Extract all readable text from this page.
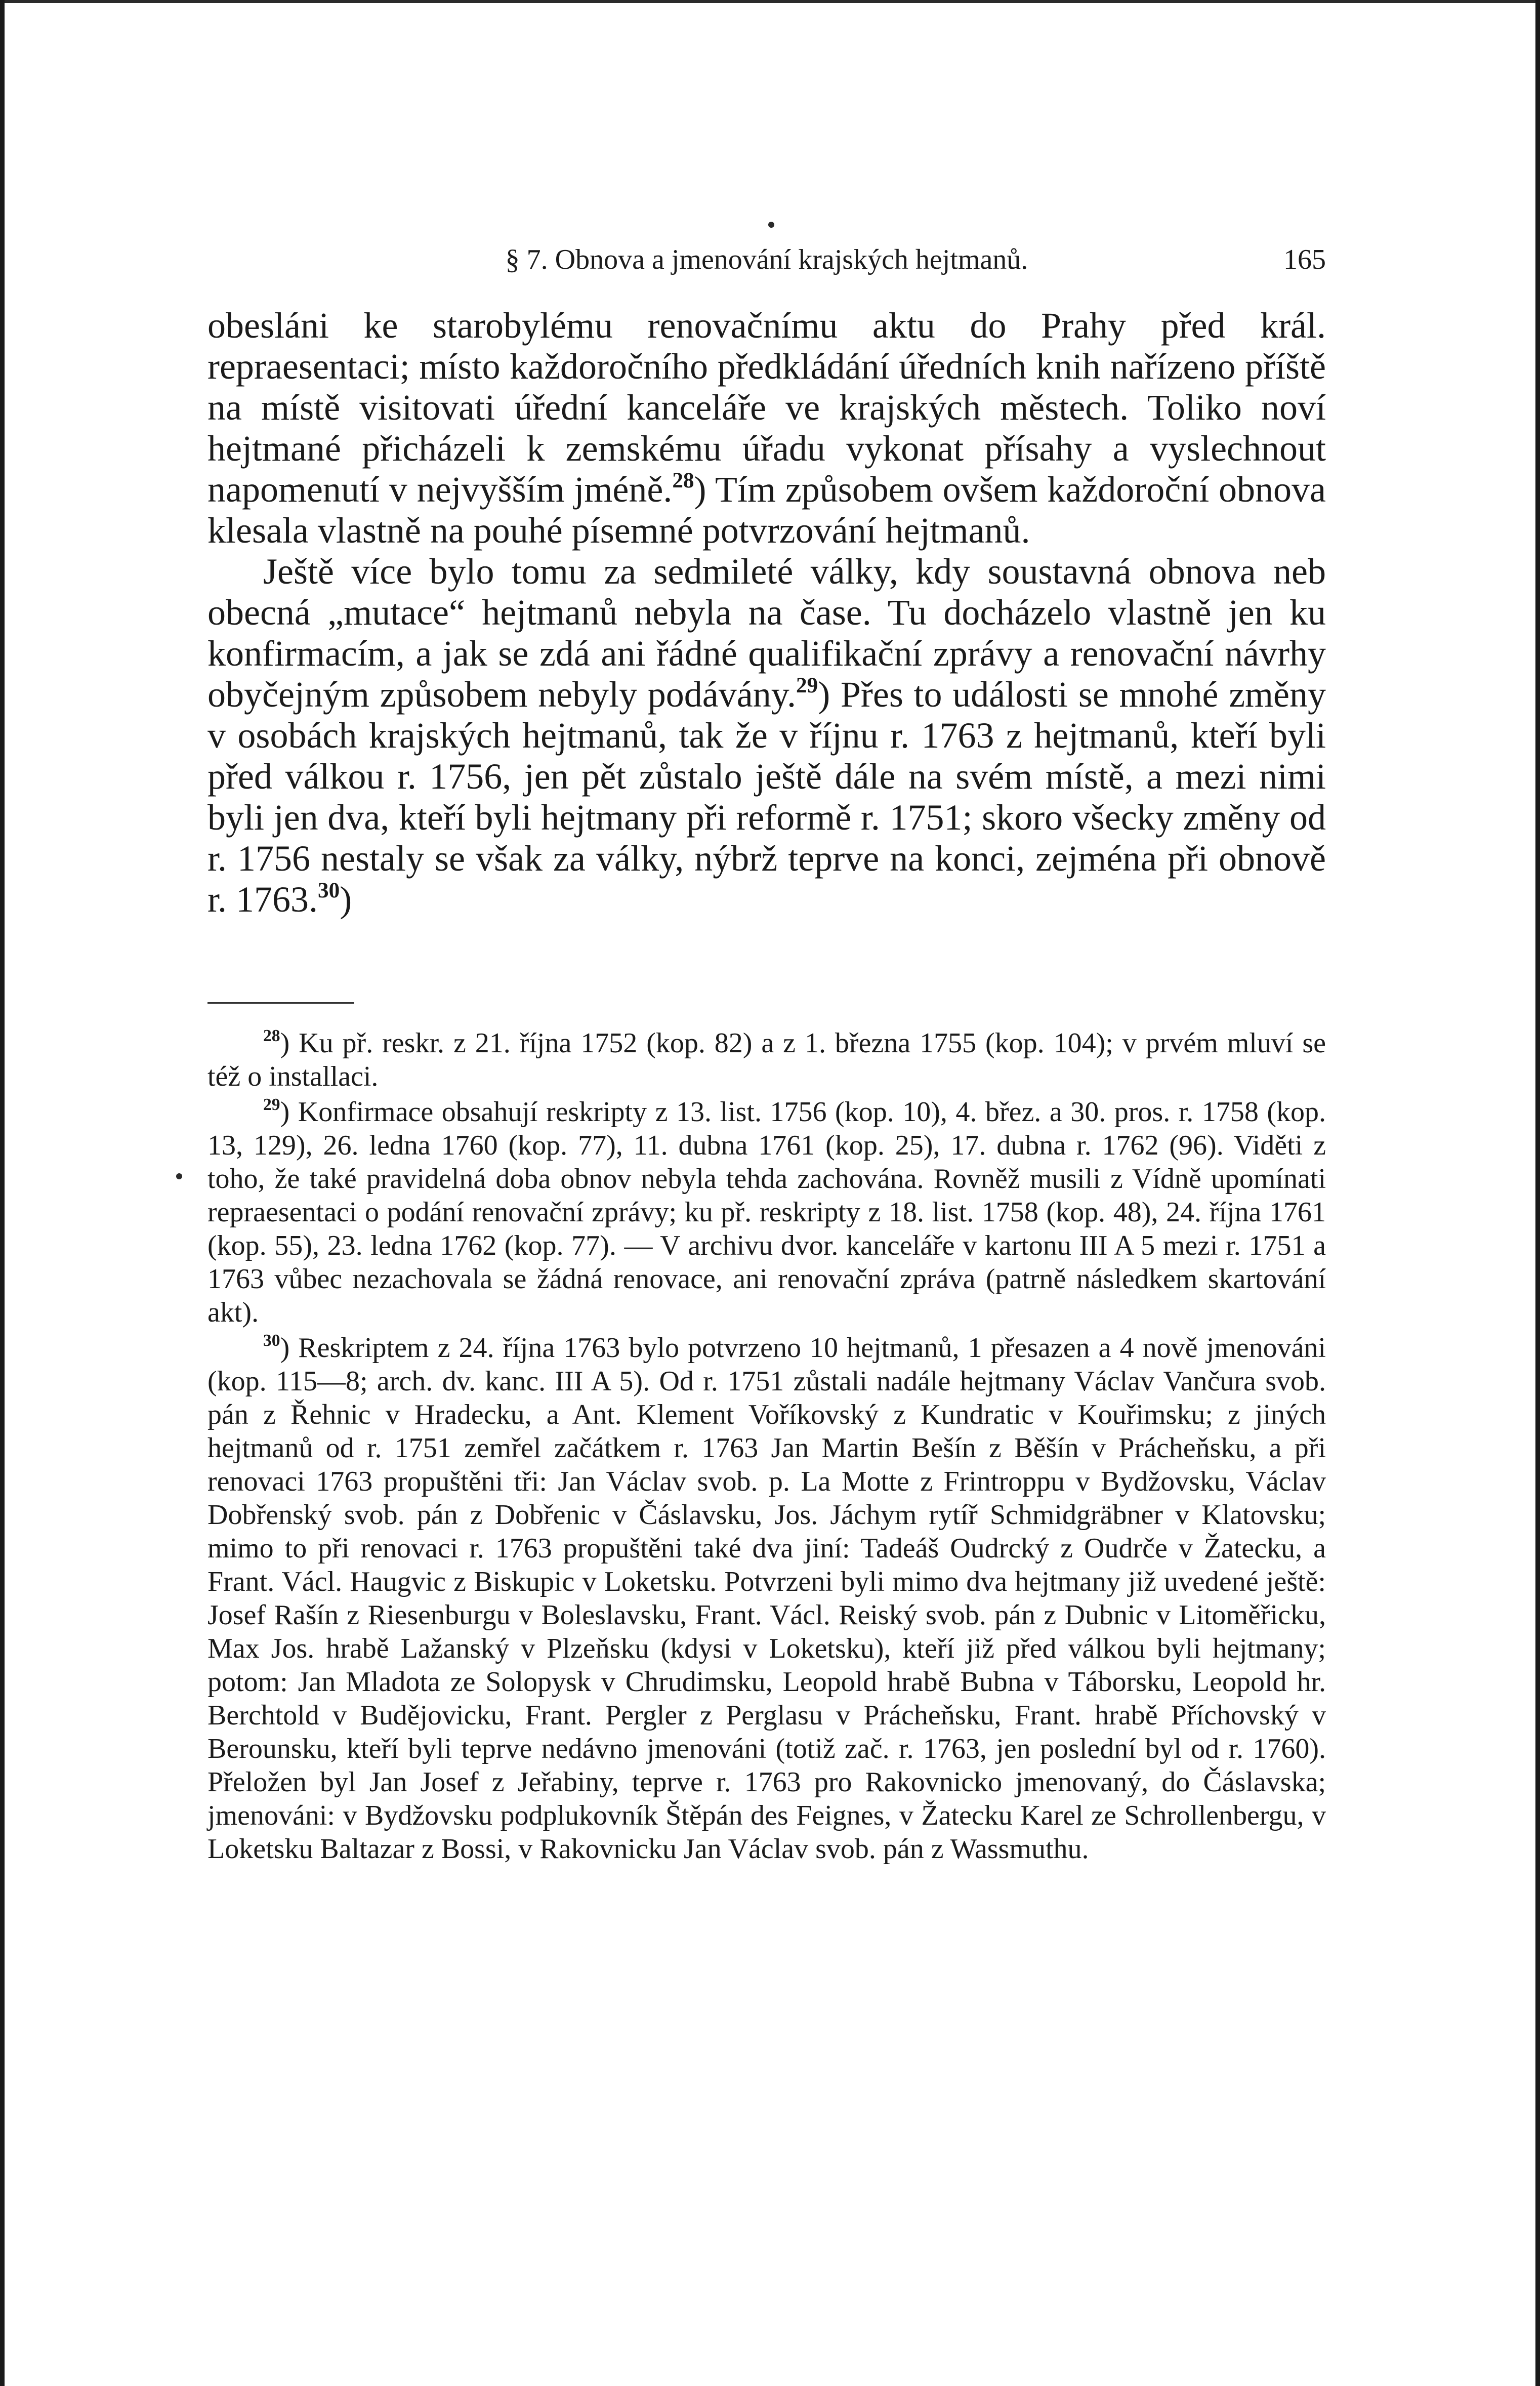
§ 7. Obnova a jmenování krajských hejtmanů.	165

obesláni ke starobylému renovačnímu aktu do Prahy před král. repraesentaci; místo každoročního předkládání úředních knih nařízeno příště na místě visitovati úřední kanceláře ve krajských městech. Toliko noví hejtmané přicházeli k zemskému úřadu vykonat přísahy a vyslechnout napomenutí v nejvyšším jméně.$^{28}$) Tím způsobem ovšem každoroční obnova klesala vlastně na pouhé písemné potvrzování hejtmanů.

Ještě více bylo tomu za sedmileté války, kdy soustavná obnova neb obecná „mutace“ hejtmanů nebyla na čase. Tu docházelo vlastně jen ku konfirmacím, a jak se zdá ani řádné qualifikační zprávy a renovační návrhy obyčejným způsobem nebyly podávány.$^{29}$) Přes to události se mnohé změny v osobách krajských hejtmanů, tak že v říjnu r. 1763 z hejtmanů, kteří byli před válkou r. 1756, jen pět zůstalo ještě dále na svém místě, a mezi nimi byli jen dva, kteří byli hejtmany při reformě r. 1751; skoro všecky změny od r. 1756 nestaly se však za války, nýbrž teprve na konci, zejména při obnově r. 1763.30)

$^{28}$) Ku př. reskr. z 21. října 1752 (kop. 82) a z 1. března 1755 (kop. 104); v prvém mluví se též o installaci.

$^{29}$) Konfirmace obsahují reskripty z 13. list. 1756 (kop. 10), 4. břez. a 30. pros. r. 1758 (kop. 13, 129), 26. ledna 1760 (kop. 77), 11. dubna 1761 (kop. 25), 17. dubna r. 1762 (96). Viděti z toho, že také pravidelná doba obnov nebyla tehda zachována. Rovněž musili z Vídně upomínati repraesentaci o podání renovační zprávy; ku př. reskripty z 18. list. 1758 (kop. 48), 24. října 1761 (kop. 55), 23. ledna 1762 (kop. 77). — V archivu dvor. kanceláře v kartonu III A 5 mezi r. 1751 a 1763 vůbec nezachovala se žádná renovace, ani renovační zpráva (patrně následkem skartování akt).

$^{30}$) Reskriptem z 24. října 1763 bylo potvrzeno 10 hejtmanů, 1 přesazen a 4 nově jmenováni (kop. 115—8; arch. dv. kanc. III A 5). Od r. 1751 zůstali nadále hejtmany Václav Vančura svob. pán z Řehnic v Hradecku, a Ant. Klement Voříkovský z Kundratic v Kouřimsku; z jiných hejtmanů od r. 1751 zemřel začátkem r. 1763 Jan Martin Bešín z Běšín v Prácheňsku, a při renovaci 1763 propuštěni tři: Jan Václav svob. p. La Motte z Frintroppu v Bydžovsku, Václav Dobřenský svob. pán z Dobřenic v Čáslavsku, Jos. Jáchym rytíř Schmidgräbner v Klatovsku; mimo to při renovaci r. 1763 propuštěni také dva jiní: Tadeáš Oudrcký z Oudrče v Žatecku, a Frant. Václ. Haugvic z Biskupic v Loketsku. Potvrzeni byli mimo dva hejtmany již uvedené ještě: Josef Rašín z Riesenburgu v Boleslavsku, Frant. Václ. Reiský svob. pán z Dubnic v Litoměřicku, Max Jos. hrabě Lažanský v Plzeňsku (kdysi v Loketsku), kteří již před válkou byli hejtmany; potom: Jan Mladota ze Solopysk v Chrudimsku, Leopold hrabě Bubna v Táborsku, Leopold hr. Berchtold v Budějovicku, Frant. Pergler z Perglasu v Prácheňsku, Frant. hrabě Příchovský v Berounsku, kteří byli teprve nedávno jmenováni (totiž zač. r. 1763, jen poslední byl od r. 1760). Přeložen byl Jan Josef z Jeřabiny, teprve r. 1763 pro Rakovnicko jmenovaný, do Čáslavska; jmenováni: v Bydžovsku podplukovník Štěpán des Feignes, v Žatecku Karel ze Schrollenbergu, v Loketsku Baltazar z Bossi, v Rakovnicku Jan Václav svob. pán z Wassmuthu.
